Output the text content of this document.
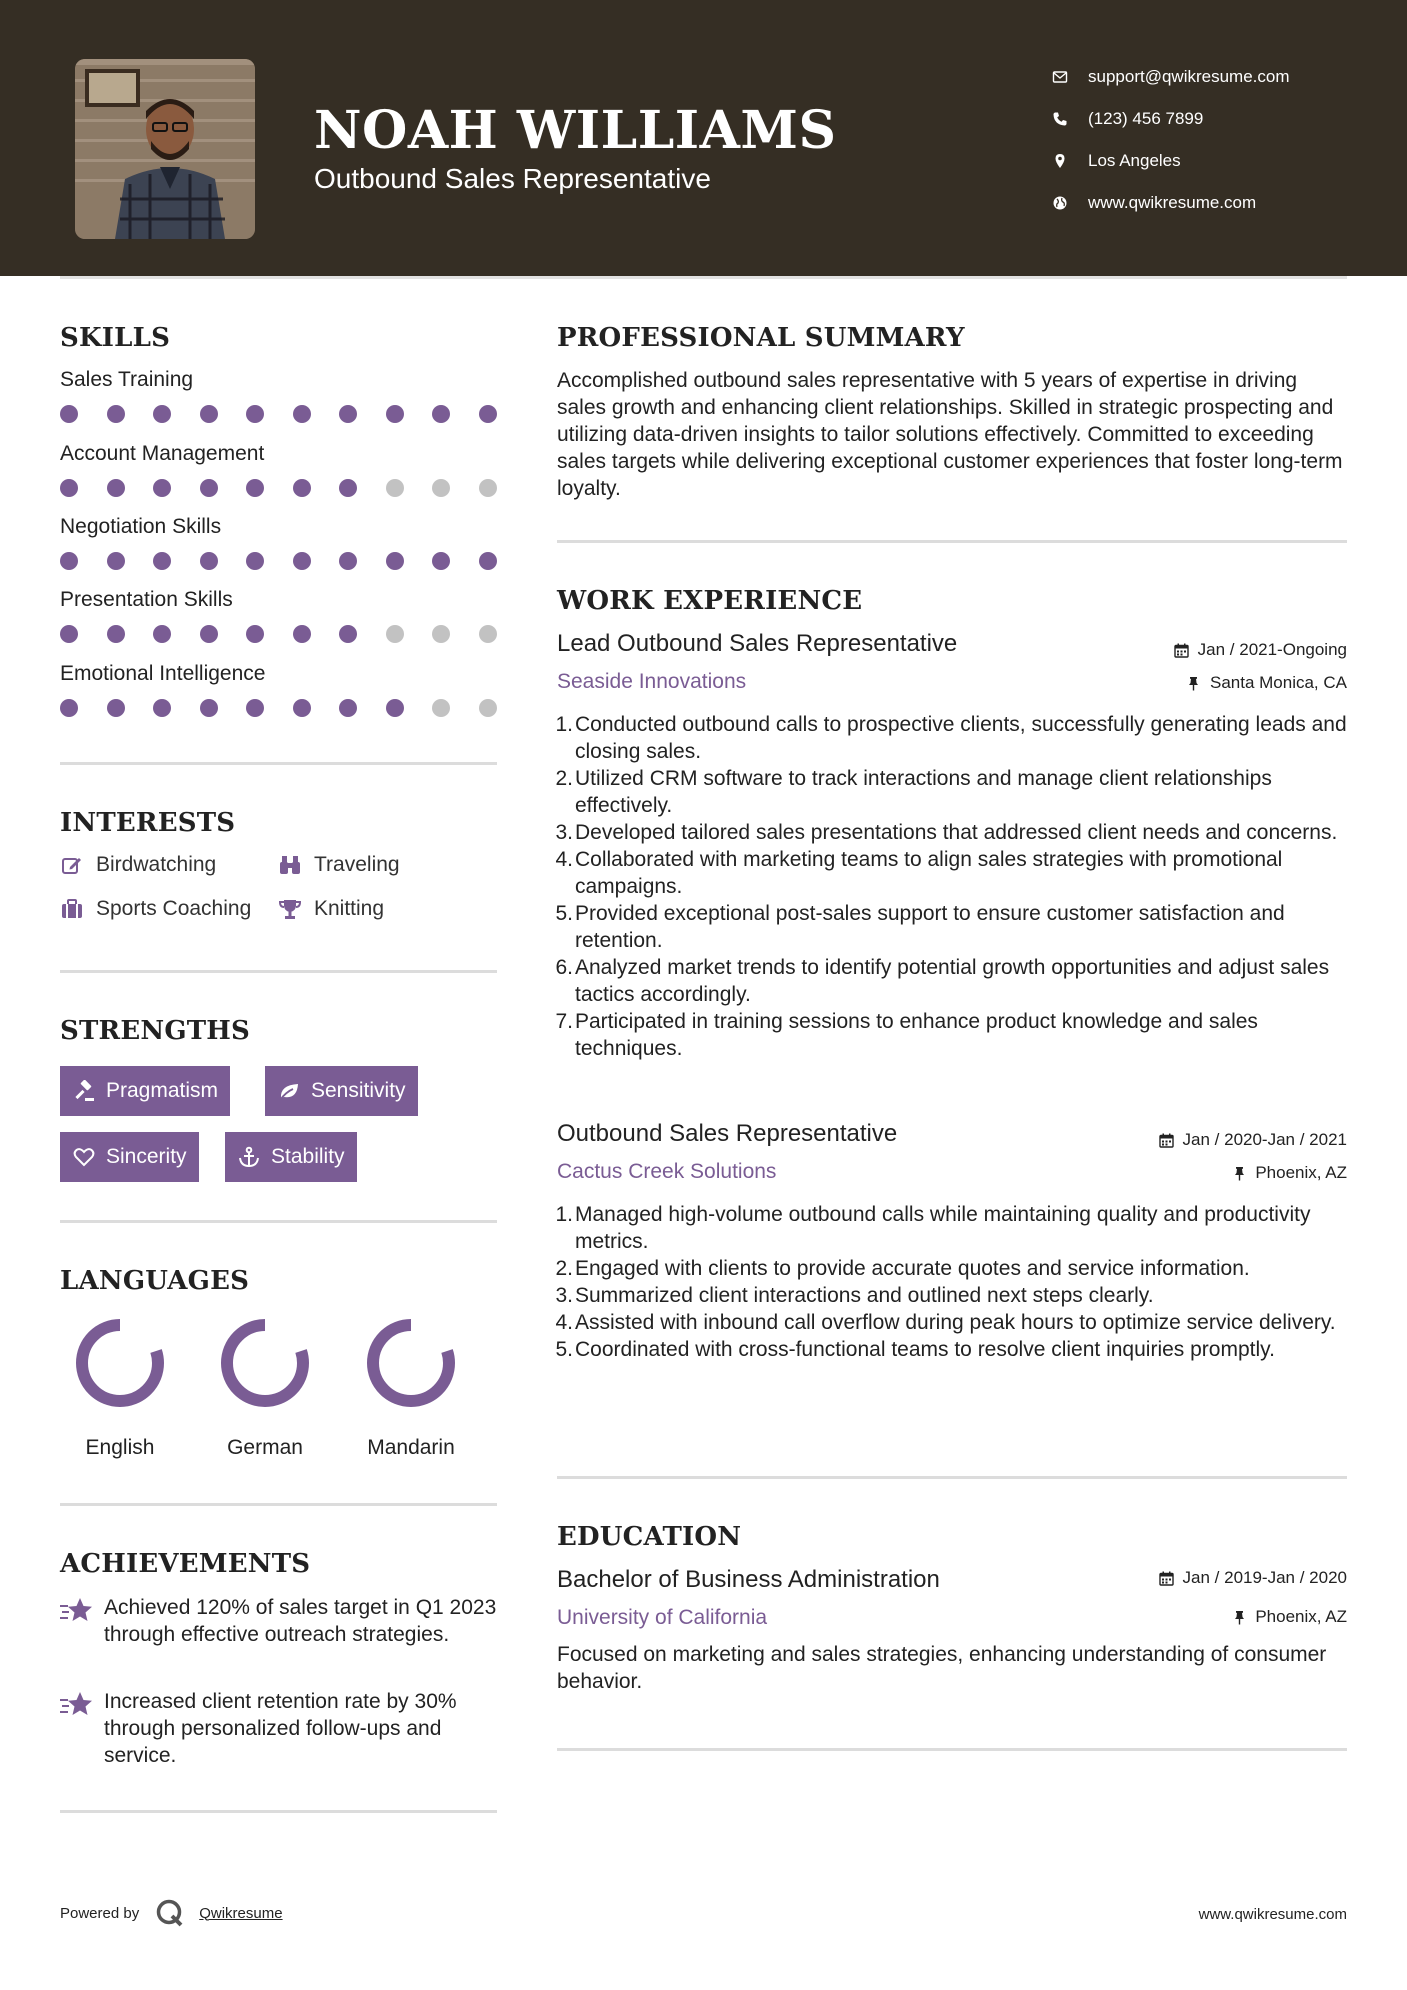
NOAH WILLIAMS
Outbound Sales Representative
support@qwikresume.com
(123) 456 7899
Los Angeles
www.qwikresume.com
SKILLS
Sales Training
Account Management
Negotiation Skills
Presentation Skills
Emotional Intelligence
INTERESTS
Birdwatching	Traveling
Sports Coaching	Knitting
STRENGTHS
Pragmatism	Sensitivity
Sincerity	Stability
LANGUAGES
English	German	Mandarin
ACHIEVEMENTS
Achieved 120% of sales target in Q1 2023 through effective outreach strategies.
Increased client retention rate by 30% through personalized follow-ups and service.
PROFESSIONAL SUMMARY
Accomplished outbound sales representative with 5 years of expertise in driving sales growth and enhancing client relationships. Skilled in strategic prospecting and utilizing data-driven insights to tailor solutions effectively. Committed to exceeding sales targets while delivering exceptional customer experiences that foster long-term loyalty.
WORK EXPERIENCE
Lead Outbound Sales Representative	Jan / 2021-Ongoing
Seaside Innovations	Santa Monica, CA
1. Conducted outbound calls to prospective clients, successfully generating leads and closing sales.
2. Utilized CRM software to track interactions and manage client relationships effectively.
3. Developed tailored sales presentations that addressed client needs and concerns.
4. Collaborated with marketing teams to align sales strategies with promotional campaigns.
5. Provided exceptional post-sales support to ensure customer satisfaction and retention.
6. Analyzed market trends to identify potential growth opportunities and adjust sales tactics accordingly.
7. Participated in training sessions to enhance product knowledge and sales techniques.
Outbound Sales Representative	Jan / 2020-Jan / 2021
Cactus Creek Solutions	Phoenix, AZ
1. Managed high-volume outbound calls while maintaining quality and productivity metrics.
2. Engaged with clients to provide accurate quotes and service information.
3. Summarized client interactions and outlined next steps clearly.
4. Assisted with inbound call overflow during peak hours to optimize service delivery.
5. Coordinated with cross-functional teams to resolve client inquiries promptly.
EDUCATION
Bachelor of Business Administration	Jan / 2019-Jan / 2020
University of California	Phoenix, AZ
Focused on marketing and sales strategies, enhancing understanding of consumer behavior.
Powered by	Qwikresume	www.qwikresume.com
